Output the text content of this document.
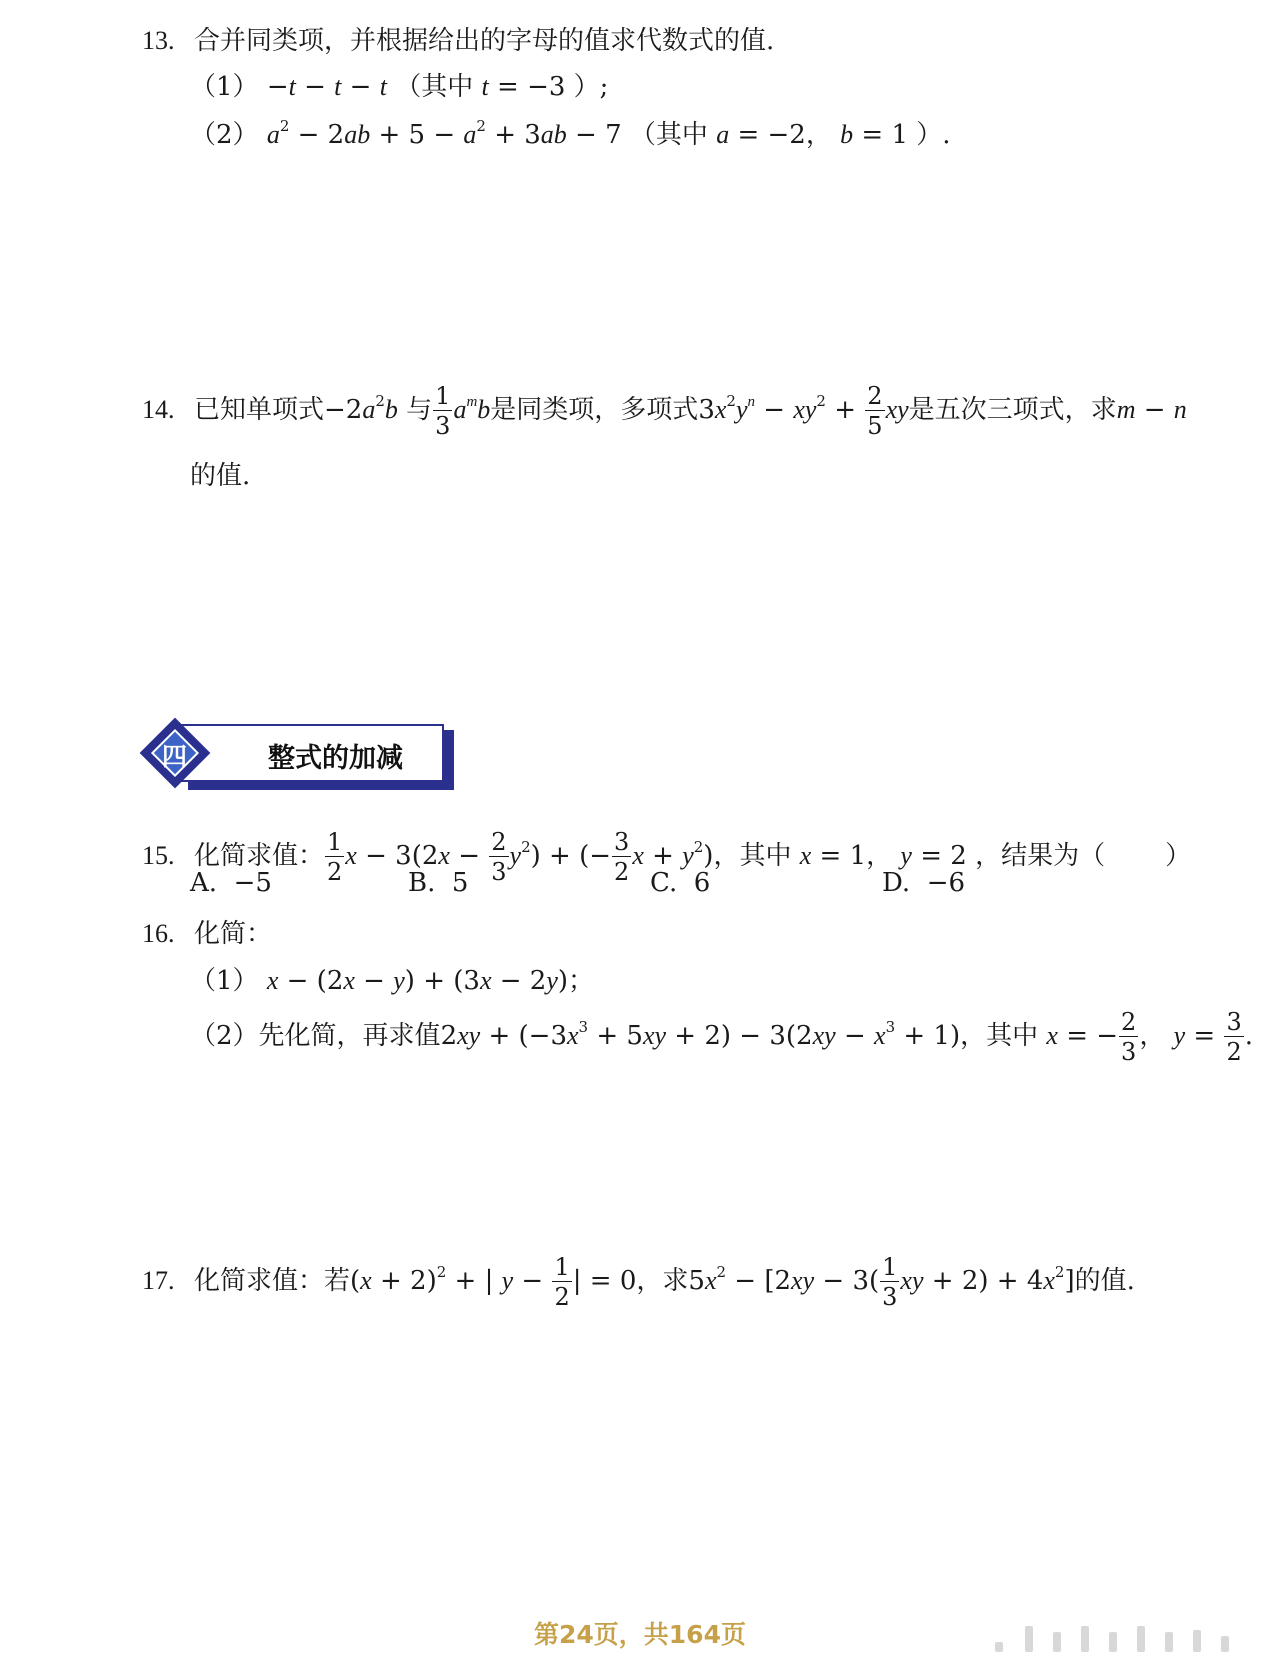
13. 合并同类项，并根据给出的字母的值求代数式的值.
（1） −t − t − t （其中 t = −3 ）;
（2） $a^2 - 2ab + 5 - a^2 + 3ab - 7$ （其中 a = −2， b = 1 ）.
14. 已知单项式$-2a^2b$ 与 $\frac{1}{3} a^mb$是同类项，多项式$3x^2y^n - xy^2 + \frac{2}{5}$ xy是五次三项式，求m − n
的值.
四	整式的加减
15. 化简求值： $\frac{1}{2}$ $x - 3(2x - \frac{2}{3} y^2)$ + (− $\frac{3}{2}$ $x + y^2$)，其中 x = 1， y = 2 ，结果为（ ）
A. −5	B. 5	C. 6	D. −6
16. 化简：
（1） x − (2x − y) + (3x − 2y)；
（2）先化简，再求值$2xy + (-3x^3 + 5xy + 2) - 3(2xy - x^3 + 1)$，其中 x = − $\frac{2}{3}$ ， $y = \frac{3}{2}$ .
17. 化简求值：若$(x + 2)^2$ + | $y - \frac{1}{2}$ | = 0，求$5x^2 - [2xy - 3( \frac{1}{3}$ xy + $2) + 4x^2$]的值.
第24页，共164页
